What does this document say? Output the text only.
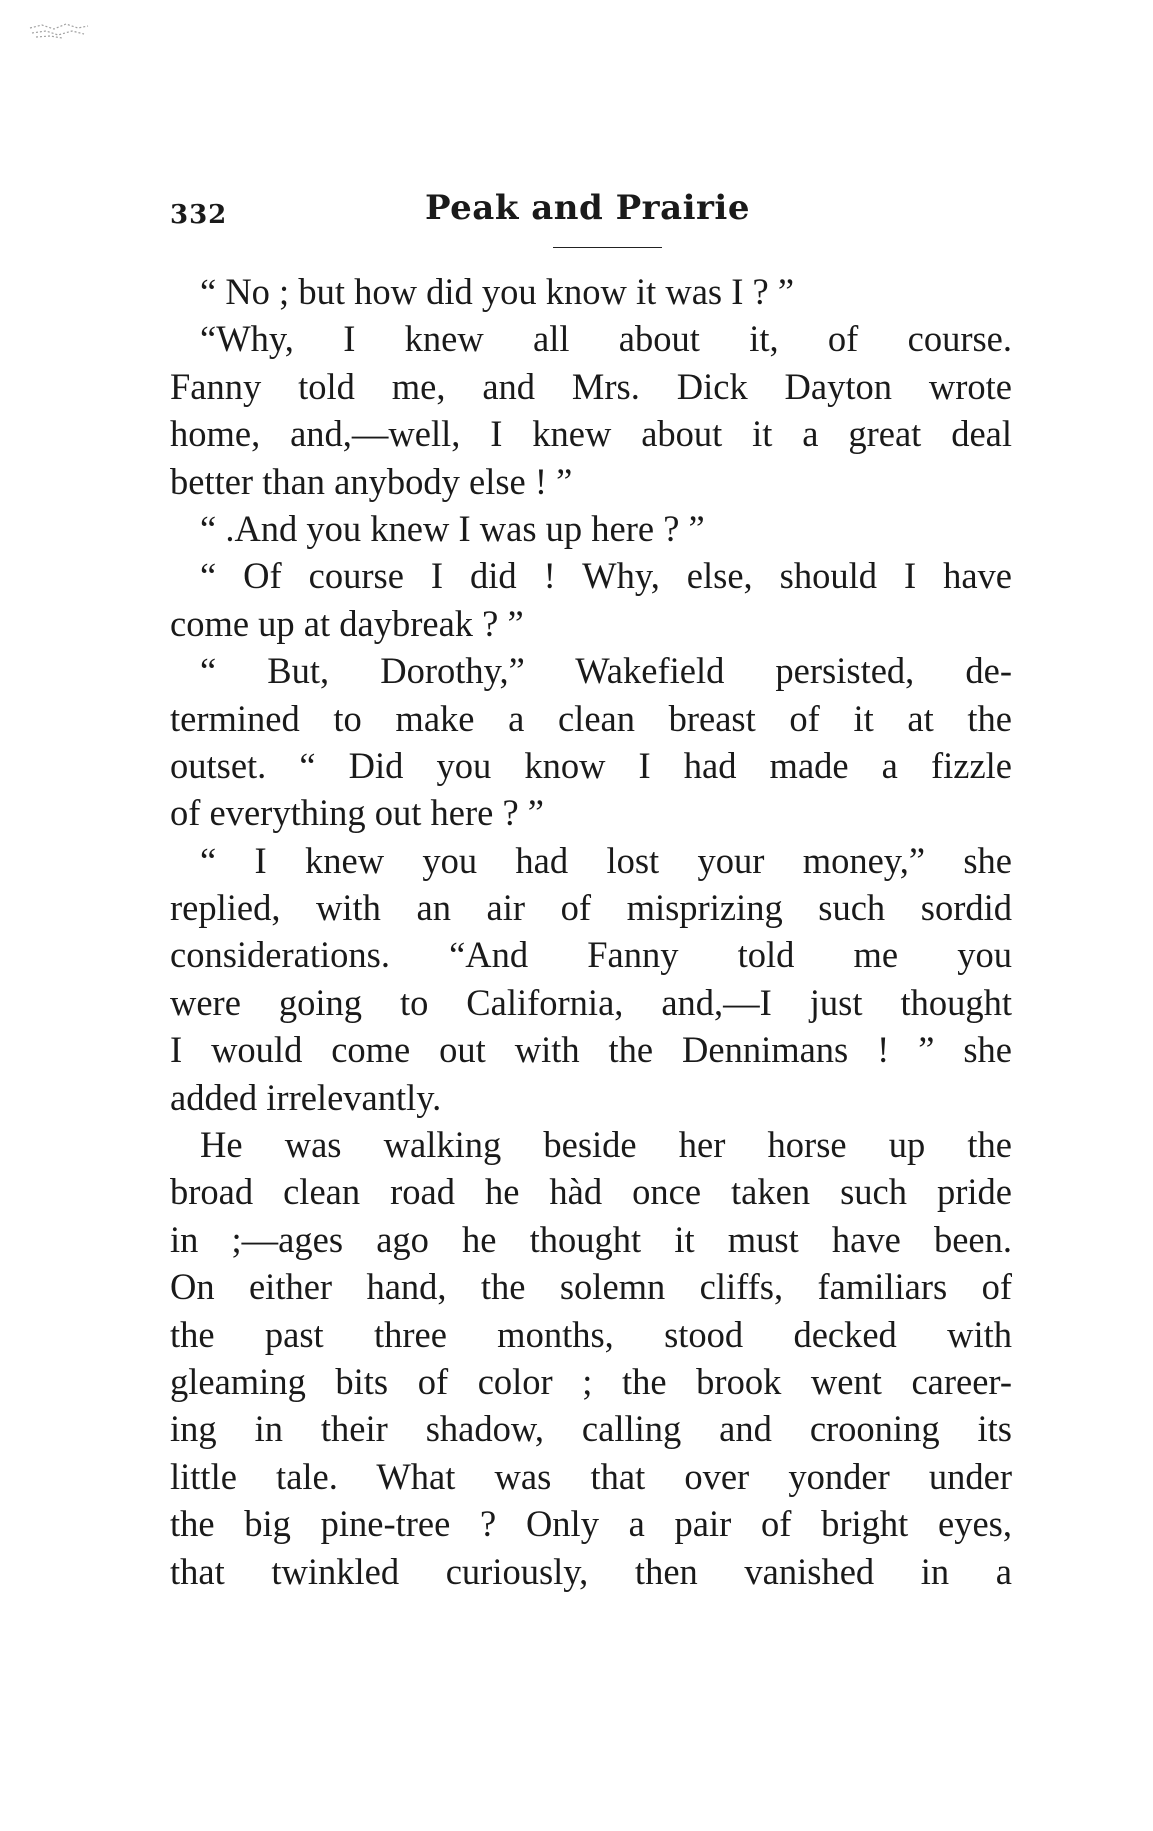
332	Peak and Prairie
“ No ; but how did you know it was I ? ”
“Why, I knew all about it, of course.
Fanny told me, and Mrs. Dick Dayton wrote
home, and,—well, I knew about it a great deal
better than anybody else ! ”
“ .And you knew I was up here ? ”
“ Of course I did ! Why, else, should I have
come up at daybreak ? ”
“ But, Dorothy,” Wakefield persisted, de-
termined to make a clean breast of it at the
outset. “ Did you know I had made a fizzle
of everything out here ? ”
“ I knew you had lost your money,” she
replied, with an air of misprizing such sordid
considerations. “And Fanny told me you
were going to California, and,—I just thought
I would come out with the Dennimans ! ” she
added irrelevantly.
He was walking beside her horse up the
broad clean road he hàd once taken such pride
in ;—ages ago he thought it must have been.
On either hand, the solemn cliffs, familiars of
the past three months, stood decked with
gleaming bits of color ; the brook went career-
ing in their shadow, calling and crooning its
little tale. What was that over yonder under
the big pine-tree ? Only a pair of bright eyes,
that twinkled curiously, then vanished in a
